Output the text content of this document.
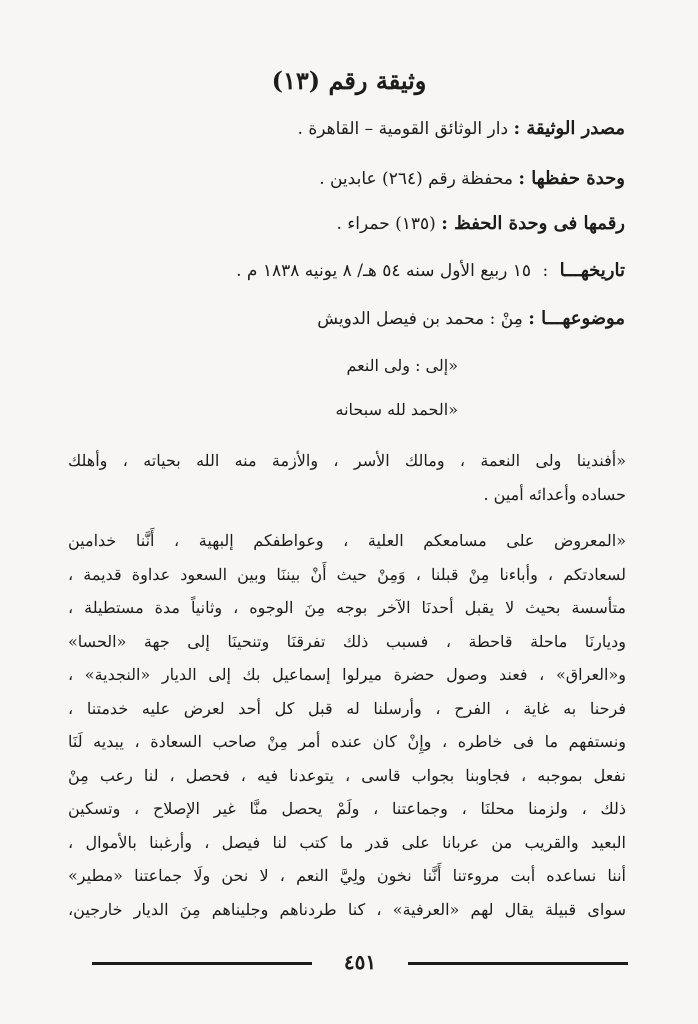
وثيقة رقم (١٣)
مصدر الوثيقة : دار الوثائق القومية – القاهرة .
وحدة حفظها : محفظة رقم (٢٦٤) عابدين .
رقمها فى وحدة الحفظ : (١٣٥) حمراء .
تاريخهـــا : ١٥ ربيع الأول سنه ٥٤ هـ/ ٨ يونيه ١٨٣٨ م .
موضوعهـــا : مِنْ : محمد بن فيصل الدويش
«إلى : ولى النعم
«الحمد لله سبحانه
«أفندينا ولى النعمة ، ومالك الأسر ، والأزمة منه الله بحياته ، وأهلك
حساده وأعدائه أمين .
«المعروض على مسامعكم العلية ، وعواطفكم إلبهية ، أَنَّنا خدامين
لسعادتكم ، وأباءنا مِنْ قبلنا ، وَمِنْ حيث أَنْ بيننَا وبين السعود عداوة قديمة ،
متأسسة بحيث لا يقبل أحدنَا الآخر بوجه مِنَ الوجوه ، وثانياً مدة مستطيلة ،
وديارنَا ماحلة قاحطة ، فسبب ذلك تفرقنَا وتنحينَا إلى جهة «الحسا»
و«العراق» ، فعند وصول حضرة ميرلوا إسماعيل بك إلى الديار «النجدية» ،
فرحنا به غاية ، الفرح ، وأرسلنا له قبل كل أحد لعرض عليه خدمتنا ،
ونستفهم ما فى خاطره ، وإِنْ كان عنده أمر مِنْ صاحب السعادة ، يبديه لَنَا
نفعل بموجبه ، فجاوبنا بجواب قاسى ، يتوعدنا فيه ، فحصل ، لنا رعب مِنْ
ذلك ، ولزمنا محلنَا ، وجماعتنا ، ولَمْ يحصل منَّا غير الإصلاح ، وتسكين
البعيد والقريب من عربانا على قدر ما كتب لنا فيصل ، وأرغبنا بالأموال ،
أننا نساعده أبت مروءتنا أَنَّنا نخون ولِيَّ النعم ، لا نحن ولَا جماعتنا «مطير»
سواى قبيلة يقال لهم «العرفية» ، كنا طردناهم وجليناهم مِنَ الديار خارجين،
٤٥١
